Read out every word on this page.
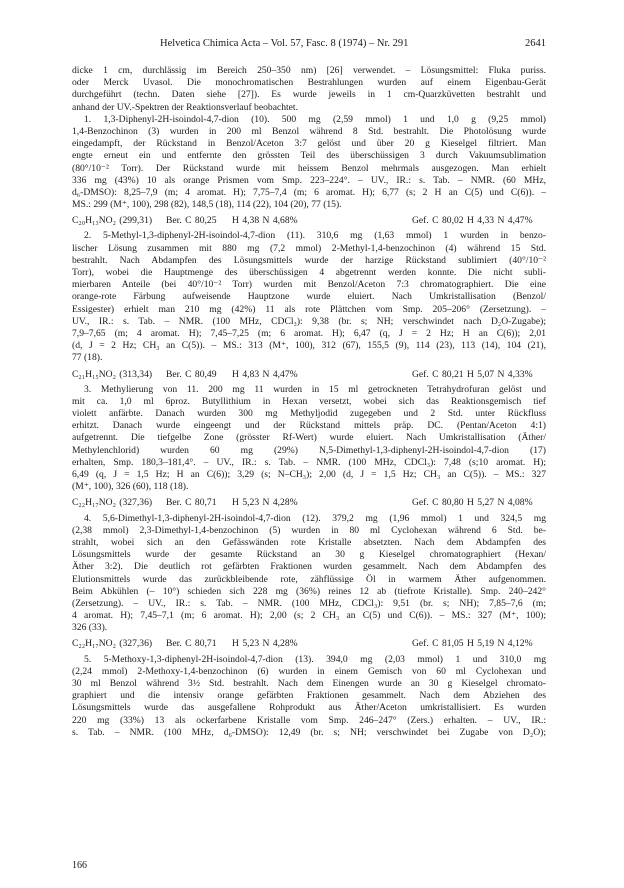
Helvetica Chimica Acta – Vol. 57, Fasc. 8 (1974) – Nr. 291	2641
dicke 1 cm, durchlässig im Bereich 250–350 nm) [26] verwendet. – Lösungsmittel: Fluka puriss.
oder Merck Uvasol. Die monochromatischen Bestrahlungen wurden auf einem Eigenbau-Gerät
durchgeführt (techn. Daten siehe [27]). Es wurde jeweils in 1 cm-Quarzküvetten bestrahlt und
anhand der UV.-Spektren der Reaktionsverlauf beobachtet.
1. 1,3-Diphenyl-2H-isoindol-4,7-dion (10). 500 mg (2,59 mmol) 1 und 1,0 g (9,25 mmol)
1,4-Benzochinon (3) wurden in 200 ml Benzol während 8 Std. bestrahlt. Die Photolösung wurde
eingedampft, der Rückstand in Benzol/Aceton 3:7 gelöst und über 20 g Kieselgel filtriert. Man
engte erneut ein und entfernte den grössten Teil des überschüssigen 3 durch Vakuumsublimation
(80°/10⁻² Torr). Der Rückstand wurde mit heissem Benzol mehrmals ausgezogen. Man erhielt
336 mg (43%) 10 als orange Prismen vom Smp. 223–224°. – UV., IR.: s. Tab. – NMR. (60 MHz,
d₆-DMSO): 8,25–7,9 (m; 4 aromat. H); 7,75–7,4 (m; 6 aromat. H); 6,77 (s; 2 H an C(5) und C(6)). –
MS.: 299 (M⁺, 100), 298 (82), 148,5 (18), 114 (22), 104 (20), 77 (15).
C₂₀H₁₃NO₂ (299,31) Ber. C 80,25 H 4,38 N 4,68%	Gef. C 80,02 H 4,33 N 4,47%
2. 5-Methyl-1,3-diphenyl-2H-isoindol-4,7-dion (11). 310,6 mg (1,63 mmol) 1 wurden in benzo-
lischer Lösung zusammen mit 880 mg (7,2 mmol) 2-Methyl-1,4-benzochinon (4) während 15 Std.
bestrahlt. Nach Abdampfen des Lösungsmittels wurde der harzige Rückstand sublimiert (40°/10⁻²
Torr), wobei die Hauptmenge des überschüssigen 4 abgetrennt werden konnte. Die nicht subli-
mierbaren Anteile (bei 40°/10⁻² Torr) wurden mit Benzol/Aceton 7:3 chromatographiert. Die eine
orange-rote Färbung aufweisende Hauptzone wurde eluiert. Nach Umkristallisation (Benzol/
Essigester) erhielt man 210 mg (42%) 11 als rote Plättchen vom Smp. 205–206° (Zersetzung). –
UV., IR.: s. Tab. – NMR. (100 MHz, CDCl₃): 9,38 (br. s; NH; verschwindet nach D₂O-Zugabe);
7,9–7,65 (m; 4 aromat. H); 7,45–7,25 (m; 6 aromat. H); 6,47 (q, J = 2 Hz; H an C(6)); 2,01
(d, J = 2 Hz; CH₃ an C(5)). – MS.: 313 (M⁺, 100), 312 (67), 155,5 (9), 114 (23), 113 (14), 104 (21),
77 (18).
C₂₁H₁₅NO₂ (313,34) Ber. C 80,49 H 4,83 N 4,47%	Gef. C 80,21 H 5,07 N 4,33%
3. Methylierung von 11. 200 mg 11 wurden in 15 ml getrockneten Tetrahydrofuran gelöst und
mit ca. 1,0 ml 6proz. Butyllithium in Hexan versetzt, wobei sich das Reaktionsgemisch tief
violett anfärbte. Danach wurden 300 mg Methyljodid zugegeben und 2 Std. unter Rückfluss
erhitzt. Danach wurde eingeengt und der Rückstand mittels präp. DC. (Pentan/Aceton 4:1)
aufgetrennt. Die tiefgelbe Zone (grösster Rf-Wert) wurde eluiert. Nach Umkristallisation (Äther/
Methylenchlorid) wurden 60 mg (29%) N,5-Dimethyl-1,3-diphenyl-2H-isoindol-4,7-dion (17)
erhalten, Smp. 180,3–181,4°. – UV., IR.: s. Tab. – NMR. (100 MHz, CDCl₃): 7,48 (s;10 aromat. H);
6,49 (q, J = 1,5 Hz; H an C(6)); 3,29 (s; N–CH₃); 2,00 (d, J = 1,5 Hz; CH₃ an C(5)). – MS.: 327
(M⁺, 100), 326 (60), 118 (18).
C₂₂H₁₇NO₂ (327,36) Ber. C 80,71 H 5,23 N 4,28%	Gef. C 80,80 H 5,27 N 4,08%
4. 5,6-Dimethyl-1,3-diphenyl-2H-isoindol-4,7-dion (12). 379,2 mg (1,96 mmol) 1 und 324,5 mg
(2,38 mmol) 2,3-Dimethyl-1,4-benzochinon (5) wurden in 80 ml Cyclohexan während 6 Std. be-
strahlt, wobei sich an den Gefässwänden rote Kristalle absetzten. Nach dem Abdampfen des
Lösungsmittels wurde der gesamte Rückstand an 30 g Kieselgel chromatographiert (Hexan/
Äther 3:2). Die deutlich rot gefärbten Fraktionen wurden gesammelt. Nach dem Abdampfen des
Elutionsmittels wurde das zurückbleibende rote, zähflüssige Öl in warmem Äther aufgenommen.
Beim Abkühlen (– 10°) schieden sich 228 mg (36%) reines 12 ab (tiefrote Kristalle). Smp. 240–242°
(Zersetzung). – UV., IR.: s. Tab. – NMR. (100 MHz, CDCl₃): 9,51 (br. s; NH); 7,85–7,6 (m;
4 aromat. H); 7,45–7,1 (m; 6 aromat. H); 2,00 (s; 2 CH₃ an C(5) und C(6)). – MS.: 327 (M⁺, 100);
326 (33).
C₂₂H₁₇NO₂ (327,36) Ber. C 80,71 H 5,23 N 4,28%	Gef. C 81,05 H 5,19 N 4,12%
5. 5-Methoxy-1,3-diphenyl-2H-isoindol-4,7-dion (13). 394,0 mg (2,03 mmol) 1 und 310,0 mg
(2,24 mmol) 2-Methoxy-1,4-benzochinon (6) wurden in einem Gemisch von 60 ml Cyclohexan und
30 ml Benzol während 3½ Std. bestrahlt. Nach dem Einengen wurde an 30 g Kieselgel chromato-
graphiert und die intensiv orange gefärbten Fraktionen gesammelt. Nach dem Abziehen des
Lösungsmittels wurde das ausgefallene Rohprodukt aus Äther/Aceton umkristallisiert. Es wurden
220 mg (33%) 13 als ockerfarbene Kristalle vom Smp. 246–247° (Zers.) erhalten. – UV., IR.:
s. Tab. – NMR. (100 MHz, d₆-DMSO): 12,49 (br. s; NH; verschwindet bei Zugabe von D₂O);
166
